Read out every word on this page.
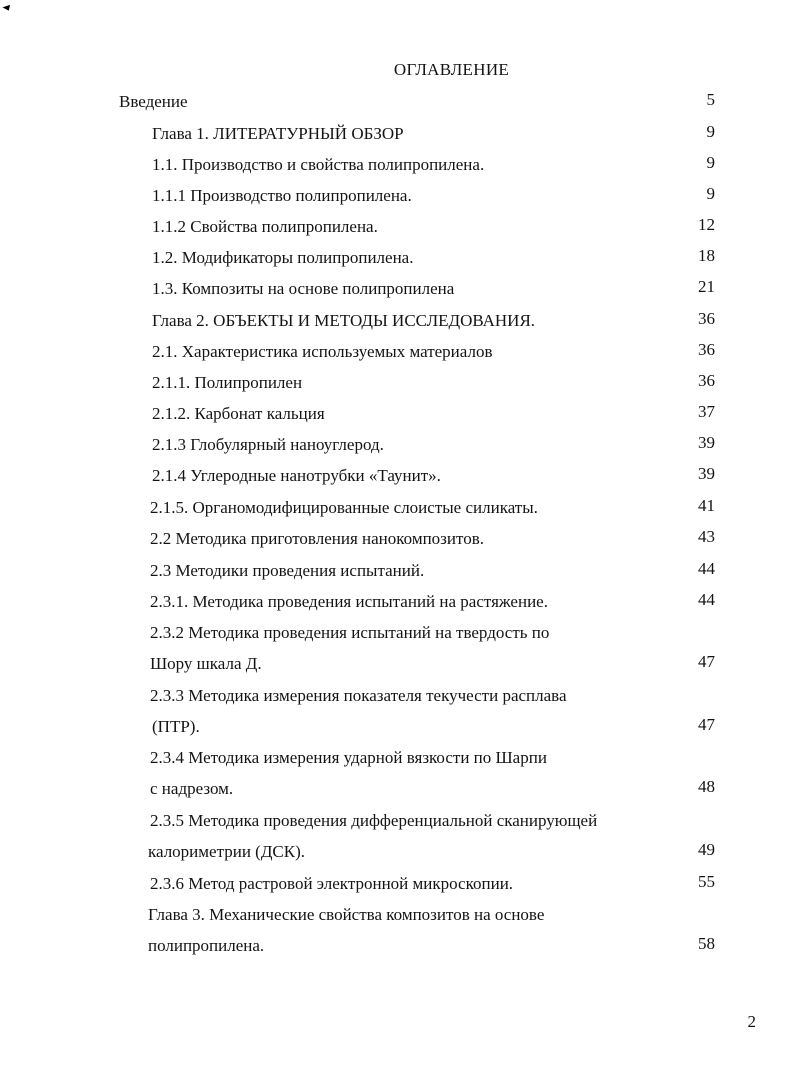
ОГЛАВЛЕНИЕ
Введение	5
Глава 1. ЛИТЕРАТУРНЫЙ ОБЗОР	9
1.1. Производство и свойства полипропилена.	9
1.1.1 Производство полипропилена.	9
1.1.2 Свойства полипропилена.	12
1.2. Модификаторы полипропилена.	18
1.3. Композиты на основе полипропилена	21
Глава 2. ОБЪЕКТЫ И МЕТОДЫ ИССЛЕДОВАНИЯ.	36
2.1. Характеристика используемых материалов	36
2.1.1. Полипропилен	36
2.1.2. Карбонат кальция	37
2.1.3 Глобулярный наноуглерод.	39
2.1.4 Углеродные нанотрубки «Таунит».	39
2.1.5. Органомодифицированные слоистые силикаты.	41
2.2 Методика приготовления нанокомпозитов.	43
2.3 Методики проведения испытаний.	44
2.3.1. Методика проведения испытаний на растяжение.	44
2.3.2 Методика проведения испытаний на твердость по
Шору шкала Д.	47
2.3.3 Методика измерения показателя текучести расплава
(ПТР).	47
2.3.4 Методика измерения ударной вязкости по Шарпи
с надрезом.	48
2.3.5 Методика проведения дифференциальной сканирующей
калориметрии (ДСК).	49
2.3.6 Метод растровой электронной микроскопии.	55
Глава 3. Механические свойства композитов на основе
полипропилена.	58
2
